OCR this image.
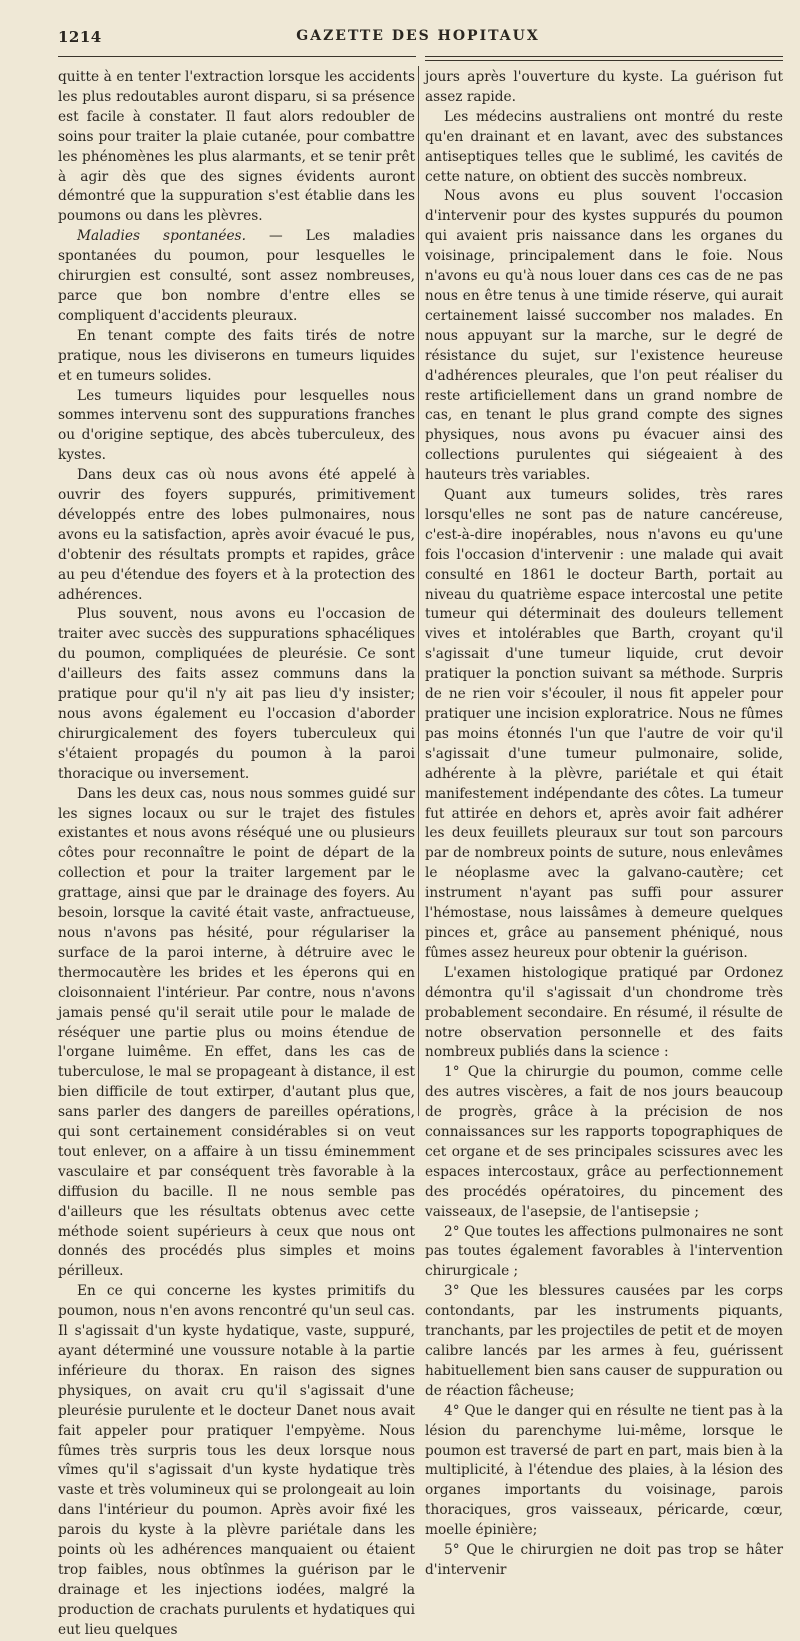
1214	GAZETTE DES HOPITAUX

quitte à en tenter l'extraction lorsque les accidents les plus redoutables auront disparu, si sa présence est facile à constater. Il faut alors redoubler de soins pour traiter la plaie cutanée, pour combattre les phénomènes les plus alarmants, et se tenir prêt à agir dès que des signes évidents auront démontré que la suppuration s'est établie dans les poumons ou dans les plèvres.

Maladies spontanées. — Les maladies spontanées du poumon, pour lesquelles le chirurgien est consulté, sont assez nombreuses, parce que bon nombre d'entre elles se compliquent d'accidents pleuraux.

En tenant compte des faits tirés de notre pratique, nous les diviserons en tumeurs liquides et en tumeurs solides.

Les tumeurs liquides pour lesquelles nous sommes intervenu sont des suppurations franches ou d'origine septique, des abcès tuberculeux, des kystes.

Dans deux cas où nous avons été appelé à ouvrir des foyers suppurés, primitivement développés entre des lobes pulmonaires, nous avons eu la satisfaction, après avoir évacué le pus, d'obtenir des résultats prompts et rapides, grâce au peu d'étendue des foyers et à la protection des adhérences.

Plus souvent, nous avons eu l'occasion de traiter avec succès des suppurations sphacéliques du poumon, compliquées de pleurésie. Ce sont d'ailleurs des faits assez communs dans la pratique pour qu'il n'y ait pas lieu d'y insister; nous avons également eu l'occasion d'aborder chirurgicalement des foyers tuberculeux qui s'étaient propagés du poumon à la paroi thoracique ou inversement.

Dans les deux cas, nous nous sommes guidé sur les signes locaux ou sur le trajet des fistules existantes et nous avons réséqué une ou plusieurs côtes pour reconnaître le point de départ de la collection et pour la traiter largement par le grattage, ainsi que par le drainage des foyers. Au besoin, lorsque la cavité était vaste, anfractueuse, nous n'avons pas hésité, pour régulariser la surface de la paroi interne, à détruire avec le thermocautère les brides et les éperons qui en cloisonnaient l'intérieur. Par contre, nous n'avons jamais pensé qu'il serait utile pour le malade de réséquer une partie plus ou moins étendue de l'organe luimême. En effet, dans les cas de tuberculose, le mal se propageant à distance, il est bien difficile de tout extirper, d'autant plus que, sans parler des dangers de pareilles opérations, qui sont certainement considérables si on veut tout enlever, on a affaire à un tissu éminemment vasculaire et par conséquent très favorable à la diffusion du bacille. Il ne nous semble pas d'ailleurs que les résultats obtenus avec cette méthode soient supérieurs à ceux que nous ont donnés des procédés plus simples et moins périlleux.

En ce qui concerne les kystes primitifs du poumon, nous n'en avons rencontré qu'un seul cas. Il s'agissait d'un kyste hydatique, vaste, suppuré, ayant déterminé une voussure notable à la partie inférieure du thorax. En raison des signes physiques, on avait cru qu'il s'agissait d'une pleurésie purulente et le docteur Danet nous avait fait appeler pour pratiquer l'empyème. Nous fûmes très surpris tous les deux lorsque nous vîmes qu'il s'agissait d'un kyste hydatique très vaste et très volumineux qui se prolongeait au loin dans l'intérieur du poumon. Après avoir fixé les parois du kyste à la plèvre pariétale dans les points où les adhérences manquaient ou étaient trop faibles, nous obtînmes la guérison par le drainage et les injections iodées, malgré la production de crachats purulents et hydatiques qui eut lieu quelques

jours après l'ouverture du kyste. La guérison fut assez rapide.

Les médecins australiens ont montré du reste qu'en drainant et en lavant, avec des substances antiseptiques telles que le sublimé, les cavités de cette nature, on obtient des succès nombreux.

Nous avons eu plus souvent l'occasion d'intervenir pour des kystes suppurés du poumon qui avaient pris naissance dans les organes du voisinage, principalement dans le foie. Nous n'avons eu qu'à nous louer dans ces cas de ne pas nous en être tenus à une timide réserve, qui aurait certainement laissé succomber nos malades. En nous appuyant sur la marche, sur le degré de résistance du sujet, sur l'existence heureuse d'adhérences pleurales, que l'on peut réaliser du reste artificiellement dans un grand nombre de cas, en tenant le plus grand compte des signes physiques, nous avons pu évacuer ainsi des collections purulentes qui siégeaient à des hauteurs très variables.

Quant aux tumeurs solides, très rares lorsqu'elles ne sont pas de nature cancéreuse, c'est-à-dire inopérables, nous n'avons eu qu'une fois l'occasion d'intervenir : une malade qui avait consulté en 1861 le docteur Barth, portait au niveau du quatrième espace intercostal une petite tumeur qui déterminait des douleurs tellement vives et intolérables que Barth, croyant qu'il s'agissait d'une tumeur liquide, crut devoir pratiquer la ponction suivant sa méthode. Surpris de ne rien voir s'écouler, il nous fit appeler pour pratiquer une incision exploratrice. Nous ne fûmes pas moins étonnés l'un que l'autre de voir qu'il s'agissait d'une tumeur pulmonaire, solide, adhérente à la plèvre, pariétale et qui était manifestement indépendante des côtes. La tumeur fut attirée en dehors et, après avoir fait adhérer les deux feuillets pleuraux sur tout son parcours par de nombreux points de suture, nous enlevâmes le néoplasme avec la galvano-cautère; cet instrument n'ayant pas suffi pour assurer l'hémostase, nous laissâmes à demeure quelques pinces et, grâce au pansement phéniqué, nous fûmes assez heureux pour obtenir la guérison.

L'examen histologique pratiqué par Ordonez démontra qu'il s'agissait d'un chondrome très probablement secondaire. En résumé, il résulte de notre observation personnelle et des faits nombreux publiés dans la science :

1° Que la chirurgie du poumon, comme celle des autres viscères, a fait de nos jours beaucoup de progrès, grâce à la précision de nos connaissances sur les rapports topographiques de cet organe et de ses principales scissures avec les espaces intercostaux, grâce au perfectionnement des procédés opératoires, du pincement des vaisseaux, de l'asepsie, de l'antisepsie ;

2° Que toutes les affections pulmonaires ne sont pas toutes également favorables à l'intervention chirurgicale ;

3° Que les blessures causées par les corps contondants, par les instruments piquants, tranchants, par les projectiles de petit et de moyen calibre lancés par les armes à feu, guérissent habituellement bien sans causer de suppuration ou de réaction fâcheuse;

4° Que le danger qui en résulte ne tient pas à la lésion du parenchyme lui-même, lorsque le poumon est traversé de part en part, mais bien à la multiplicité, à l'étendue des plaies, à la lésion des organes importants du voisinage, parois thoraciques, gros vaisseaux, péricarde, cœur, moelle épinière;

5° Que le chirurgien ne doit pas trop se hâter d'intervenir
